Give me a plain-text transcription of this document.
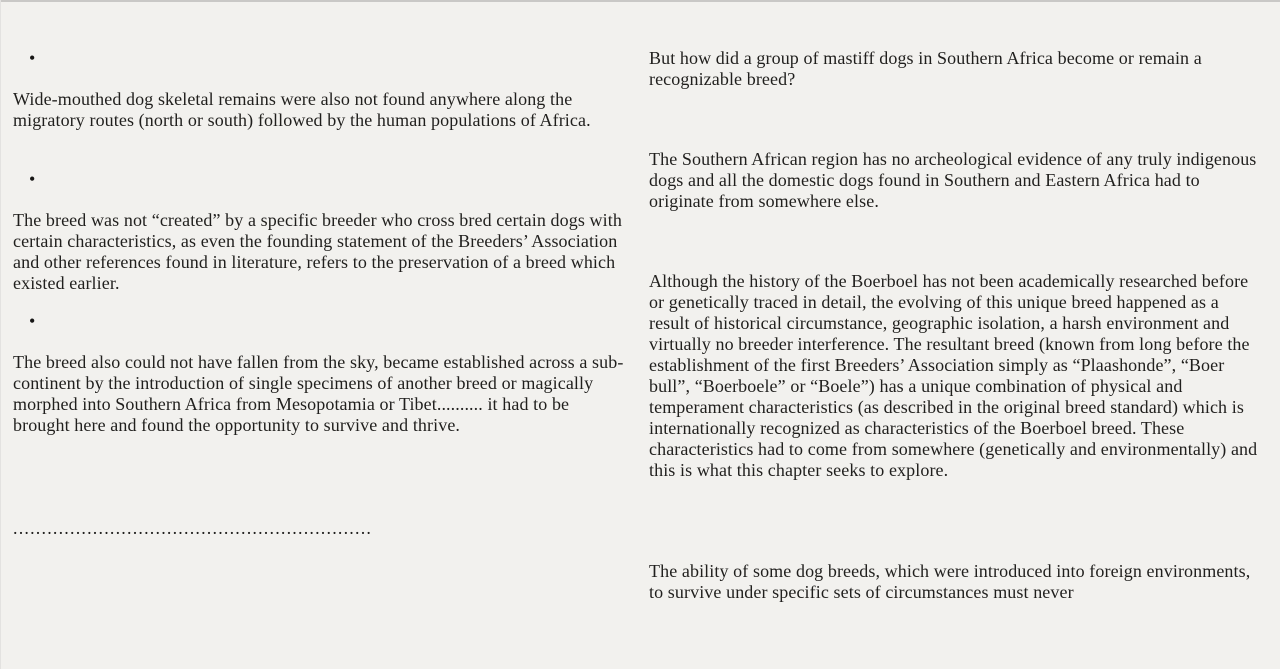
•

Wide-mouthed dog skeletal remains were also not found anywhere along the migratory routes (north or south) followed by the human populations of Africa.

•

The breed was not “created” by a specific breeder who cross bred certain dogs with certain characteristics, as even the founding statement of the Breeders’ Association and other references found in literature, refers to the preservation of a breed which existed earlier.

•

The breed also could not have fallen from the sky, became established across a sub-continent by the introduction of single specimens of another breed or magically morphed into Southern Africa from Mesopotamia or Tibet.......... it had to be brought here and found the opportunity to survive and thrive.

...............................................................

But how did a group of mastiff dogs in Southern Africa become or remain a recognizable breed?

The Southern African region has no archeological evidence of any truly indigenous dogs and all the domestic dogs found in Southern and Eastern Africa had to originate from somewhere else.

Although the history of the Boerboel has not been academically researched before or genetically traced in detail, the evolving of this unique breed happened as a result of historical circumstance, geographic isolation, a harsh environment and virtually no breeder interference. The resultant breed (known from long before the establishment of the first Breeders’ Association simply as “Plaashonde”, “Boer bull”, “Boerboele” or “Boele”) has a unique combination of physical and temperament characteristics (as described in the original breed standard) which is internationally recognized as characteristics of the Boerboel breed. These characteristics had to come from somewhere (genetically and environmentally) and this is what this chapter seeks to explore.

The ability of some dog breeds, which were introduced into foreign environments, to survive under specific sets of circumstances must never
